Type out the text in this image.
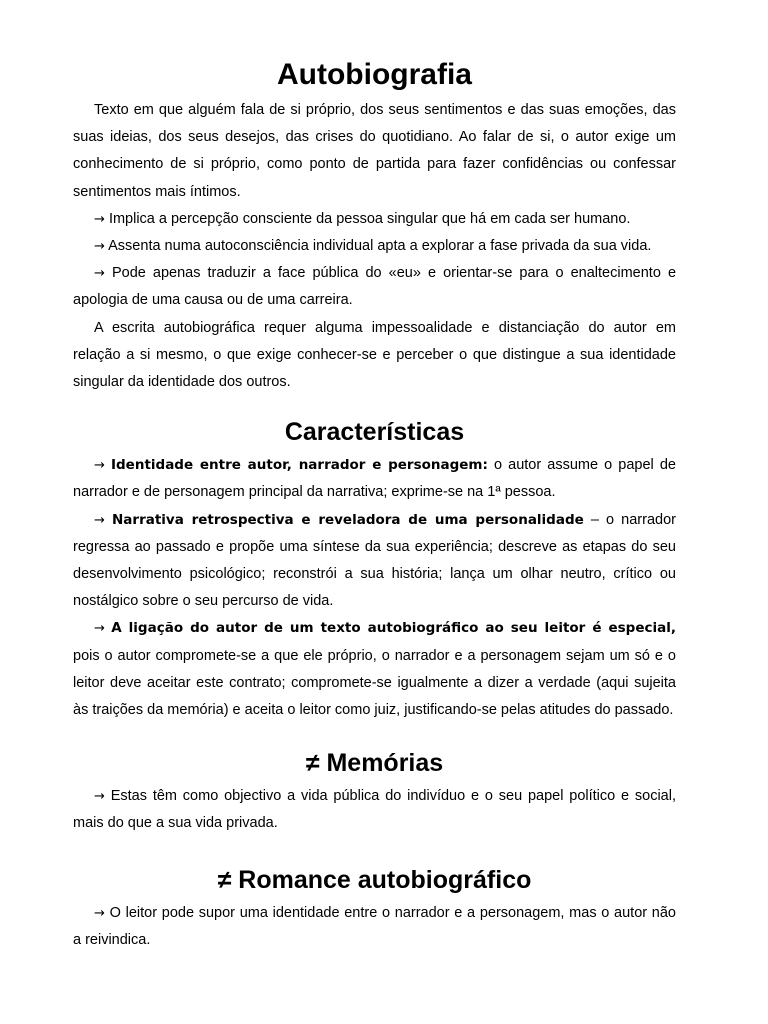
Autobiografia

Texto em que alguém fala de si próprio, dos seus sentimentos e das suas emoções, das suas ideias, dos seus desejos, das crises do quotidiano. Ao falar de si, o autor exige um conhecimento de si próprio, como ponto de partida para fazer confidências ou confessar sentimentos mais íntimos.

→ Implica a percepção consciente da pessoa singular que há em cada ser humano.

→ Assenta numa autoconsciência individual apta a explorar a fase privada da sua vida.

→ Pode apenas traduzir a face pública do «eu» e orientar-se para o enaltecimento e apologia de uma causa ou de uma carreira.

A escrita autobiográfica requer alguma impessoalidade e distanciação do autor em relação a si mesmo, o que exige conhecer-se e perceber o que distingue a sua identidade singular da identidade dos outros.

Características

→ Identidade entre autor, narrador e personagem: o autor assume o papel de narrador e de personagem principal da narrativa; exprime-se na 1ª pessoa.

→ Narrativa retrospectiva e reveladora de uma personalidade – o narrador regressa ao passado e propõe uma síntese da sua experiência; descreve as etapas do seu desenvolvimento psicológico; reconstrói a sua história; lança um olhar neutro, crítico ou nostálgico sobre o seu percurso de vida.

→ A ligação do autor de um texto autobiográfico ao seu leitor é especial, pois o autor compromete-se a que ele próprio, o narrador e a personagem sejam um só e o leitor deve aceitar este contrato; compromete-se igualmente a dizer a verdade (aqui sujeita às traições da memória) e aceita o leitor como juiz, justificando-se pelas atitudes do passado.

≠ Memórias

→ Estas têm como objectivo a vida pública do indivíduo e o seu papel político e social, mais do que a sua vida privada.

≠ Romance autobiográfico

→ O leitor pode supor uma identidade entre o narrador e a personagem, mas o autor não a reivindica.
